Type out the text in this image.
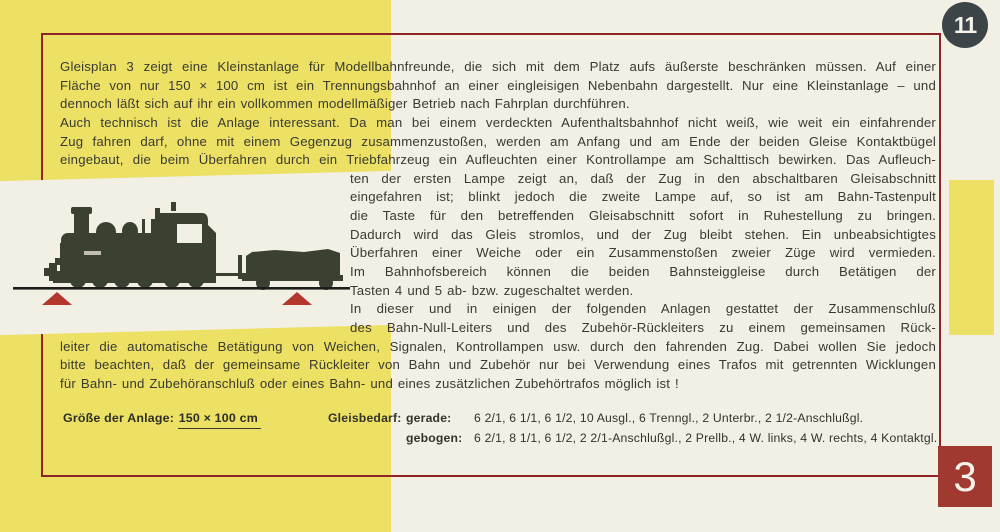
Gleisplan 3 zeigt eine Kleinstanlage für Modellbahnfreunde, die sich mit dem Platz aufs äußerste beschränken müssen. Auf einer
Fläche von nur 150 × 100 cm ist ein Trennungsbahnhof an einer eingleisigen Nebenbahn dargestellt. Nur eine Kleinstanlage – und
dennoch läßt sich auf ihr ein vollkommen modellmäßiger Betrieb nach Fahrplan durchführen.
Auch technisch ist die Anlage interessant. Da man bei einem verdeckten Aufenthaltsbahnhof nicht weiß, wie weit ein einfahrender
Zug fahren darf, ohne mit einem Gegenzug zusammenzustoßen, werden am Anfang und am Ende der beiden Gleise Kontaktbügel
eingebaut, die beim Überfahren durch ein Triebfahrzeug ein Aufleuchten einer Kontrollampe am Schalttisch bewirken. Das Aufleuch-
ten der ersten Lampe zeigt an, daß der Zug in den abschaltbaren Gleisabschnitt
eingefahren ist; blinkt jedoch die zweite Lampe auf, so ist am Bahn-Tastenpult
die Taste für den betreffenden Gleisabschnitt sofort in Ruhestellung zu bringen.
Dadurch wird das Gleis stromlos, und der Zug bleibt stehen. Ein unbeabsichtigtes
Überfahren einer Weiche oder ein Zusammenstoßen zweier Züge wird vermieden.
Im Bahnhofsbereich können die beiden Bahnsteiggleise durch Betätigen der
Tasten 4 und 5 ab- bzw. zugeschaltet werden.
In dieser und in einigen der folgenden Anlagen gestattet der Zusammenschluß
des Bahn-Null-Leiters und des Zubehör-Rückleiters zu einem gemeinsamen Rück-
leiter die automatische Betätigung von Weichen, Signalen, Kontrollampen usw. durch den fahrenden Zug. Dabei wollen Sie jedoch
bitte beachten, daß der gemeinsame Rückleiter von Bahn und Zubehör nur bei Verwendung eines Trafos mit getrennten Wicklungen
für Bahn- und Zubehöranschluß oder eines Bahn- und eines zusätzlichen Zubehörtrafos möglich ist !
Größe der Anlage: 150 × 100 cm	Gleisbedarf: gerade:	6 2/1, 6 1/1, 6 1/2, 10 Ausgl., 6 Trenngl., 2 Unterbr., 2 1/2-Anschlußgl.
gebogen: 6 2/1, 8 1/1, 6 1/2, 2 2/1-Anschlußgl., 2 Prellb., 4 W. links, 4 W. rechts, 4 Kontaktgl.
11
3
